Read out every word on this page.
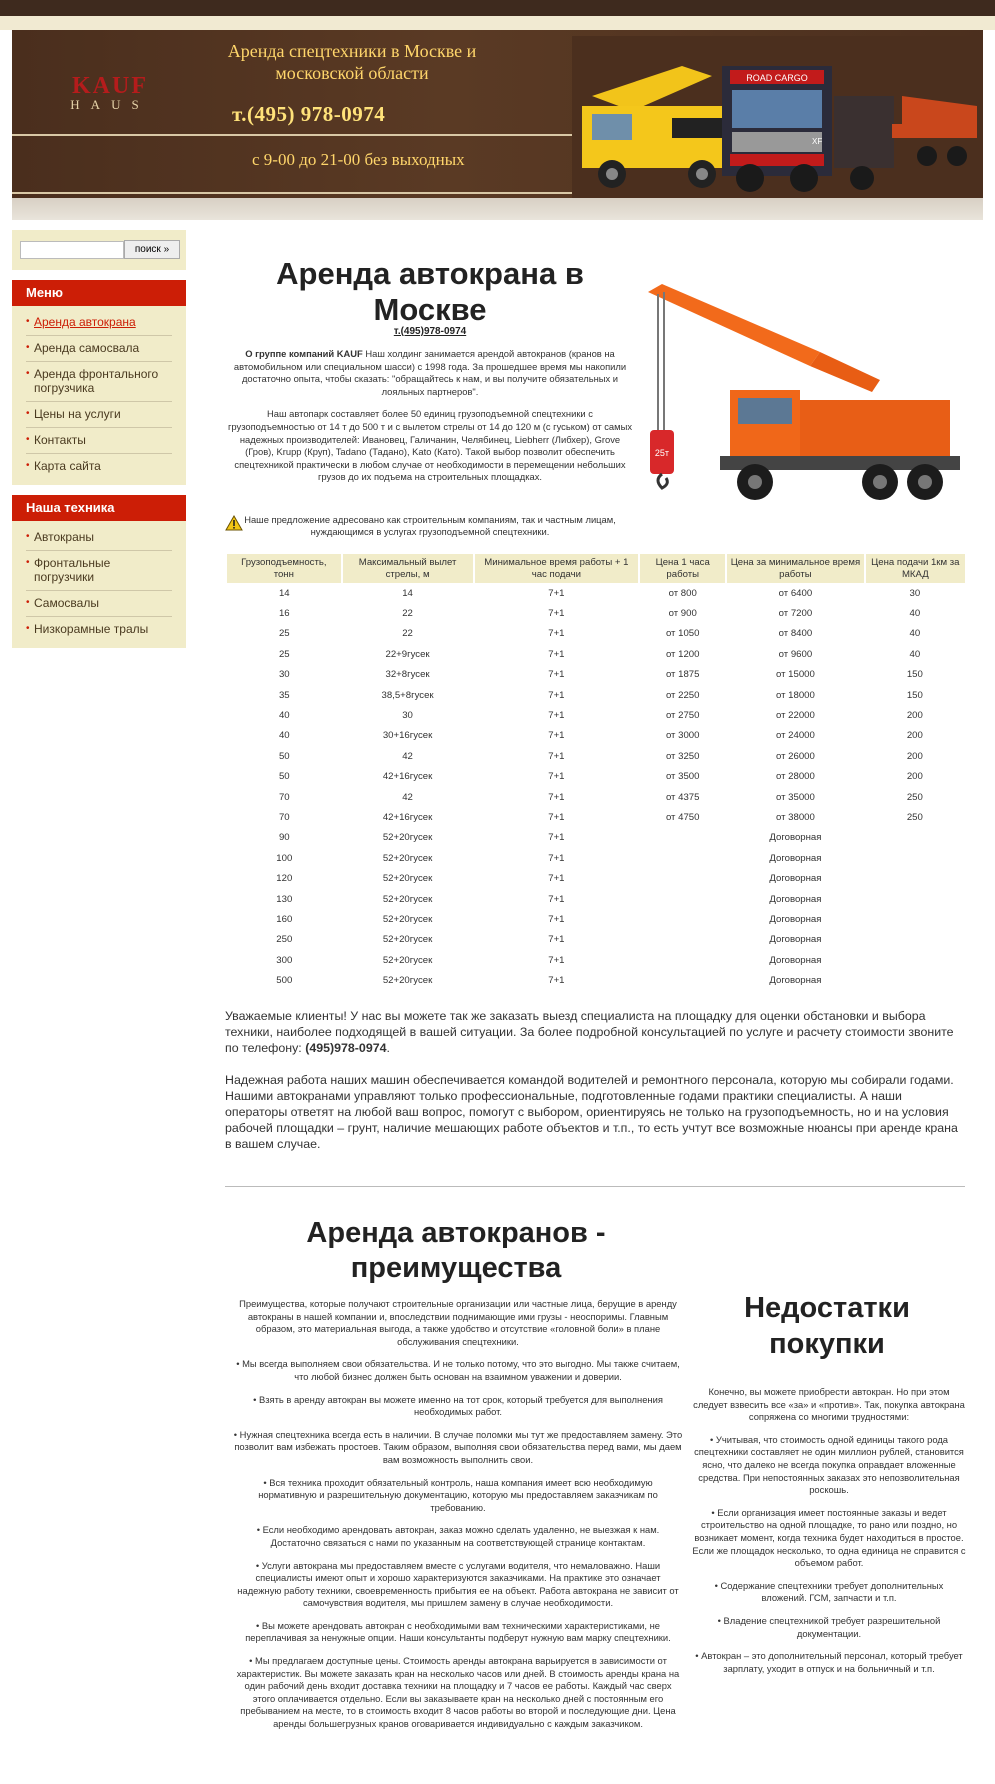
KAUF
HAUS
Аренда спецтехники в Москве и московской области
т.(495) 978-0974
с 9-00 до 21-00 без выходных
ROAD CARGO
XF
поиск »
Меню
• Аренда автокрана
• Аренда самосвала
• Аренда фронтального погрузчика
• Цены на услуги
• Контакты
• Карта сайта
Наша техника
• Автокраны
• Фронтальные погрузчики
• Самосвалы
• Низкорамные тралы
Аренда автокрана в Москве
т.(495)978-0974

О группе компаний KAUF Наш холдинг занимается арендой автокранов (кранов на автомобильном или специальном шасси) с 1998 года. За прошедшее время мы накопили достаточно опыта, чтобы сказать: "обращайтесь к нам, и вы получите обязательных и лояльных партнеров".

Наш автопарк составляет более 50 единиц грузоподъемной спецтехники с грузоподъемностью от 14 т до 500 т и с вылетом стрелы от 14 до 120 м (с гуськом) от самых надежных производителей: Ивановец, Галичанин, Челябинец, Liebherr (Либхер), Grove (Гров), Krupp (Круп), Tadano (Тадано), Kato (Като). Такой выбор позволит обеспечить спецтехникой практически в любом случае от необходимости в перемещении небольших грузов до их подъема на строительных площадках.

25т
Наше предложение адресовано как строительным компаниям, так и частным лицам, нуждающимся в услугах грузоподъемной спецтехники.
Грузоподъемность, тонн	Максимальный вылет стрелы, м	Минимальное время работы + 1 час подачи	Цена 1 часа работы	Цена за минимальное время работы	Цена подачи 1км за МКАД
14	14	7+1	от 800	от 6400	30
16	22	7+1	от 900	от 7200	40
25	22	7+1	от 1050	от 8400	40
25	22+9гусек	7+1	от 1200	от 9600	40
30	32+8гусек	7+1	от 1875	от 15000	150
35	38,5+8гусек	7+1	от 2250	от 18000	150
40	30	7+1	от 2750	от 22000	200
40	30+16гусек	7+1	от 3000	от 24000	200
50	42	7+1	от 3250	от 26000	200
50	42+16гусек	7+1	от 3500	от 28000	200
70	42	7+1	от 4375	от 35000	250
70	42+16гусек	7+1	от 4750	от 38000	250
90	52+20гусек	7+1		Договорная	
100	52+20гусек	7+1		Договорная	
120	52+20гусек	7+1		Договорная	
130	52+20гусек	7+1		Договорная	
160	52+20гусек	7+1		Договорная	
250	52+20гусек	7+1		Договорная	
300	52+20гусек	7+1		Договорная	
500	52+20гусек	7+1		Договорная	
Уважаемые клиенты! У нас вы можете так же заказать выезд специалиста на площадку для оценки обстановки и выбора техники, наиболее подходящей в вашей ситуации. За более подробной консультацией по услуге и расчету стоимости звоните по телефону: (495)978-0974.
Надежная работа наших машин обеспечивается командой водителей и ремонтного персонала, которую мы собирали годами. Нашими автокранами управляют только профессиональные, подготовленные годами практики специалисты. А наши операторы ответят на любой ваш вопрос, помогут с выбором, ориентируясь не только на грузоподъемность, но и на условия рабочей площадки – грунт, наличие мешающих работе объектов и т.п., то есть учтут все возможные нюансы при аренде крана в вашем случае.
Аренда автокранов - преимущества

Преимущества, которые получают строительные организации или частные лица, берущие в аренду автокраны в нашей компании и, впоследствии поднимающие ими грузы - неоспоримы. Главным образом, это материальная выгода, а также удобство и отсутствие «головной боли» в плане обслуживания спецтехники.

• Мы всегда выполняем свои обязательства. И не только потому, что это выгодно. Мы также считаем, что любой бизнес должен быть основан на взаимном уважении и доверии.

• Взять в аренду автокран вы можете именно на тот срок, который требуется для выполнения необходимых работ.

• Нужная спецтехника всегда есть в наличии. В случае поломки мы тут же предоставляем замену. Это позволит вам избежать простоев. Таким образом, выполняя свои обязательства перед вами, мы даем вам возможность выполнить свои.

• Вся техника проходит обязательный контроль, наша компания имеет всю необходимую нормативную и разрешительную документацию, которую мы предоставляем заказчикам по требованию.

• Если необходимо арендовать автокран, заказ можно сделать удаленно, не выезжая к нам. Достаточно связаться с нами по указанным на соответствующей странице контактам.

• Услуги автокрана мы предоставляем вместе с услугами водителя, что немаловажно. Наши специалисты имеют опыт и хорошо характеризуются заказчиками. На практике это означает надежную работу техники, своевременность прибытия ее на объект. Работа автокрана не зависит от самочувствия водителя, мы пришлем замену в случае необходимости.

• Вы можете арендовать автокран с необходимыми вам техническими характеристиками, не переплачивая за ненужные опции. Наши консультанты подберут нужную вам марку спецтехники.

• Мы предлагаем доступные цены. Стоимость аренды автокрана варьируется в зависимости от характеристик. Вы можете заказать кран на несколько часов или дней. В стоимость аренды крана на один рабочий день входит доставка техники на площадку и 7 часов ее работы. Каждый час сверх этого оплачивается отдельно. Если вы заказываете кран на несколько дней с постоянным его пребыванием на месте, то в стоимость входит 8 часов работы во второй и последующие дни. Цена аренды большегрузных кранов оговаривается индивидуально с каждым заказчиком.

Недостатки покупки

Конечно, вы можете приобрести автокран. Но при этом следует взвесить все «за» и «против». Так, покупка автокрана сопряжена со многими трудностями:

• Учитывая, что стоимость одной единицы такого рода спецтехники составляет не один миллион рублей, становится ясно, что далеко не всегда покупка оправдает вложенные средства. При непостоянных заказах это непозволительная роскошь.

• Если организация имеет постоянные заказы и ведет строительство на одной площадке, то рано или поздно, но возникает момент, когда техника будет находиться в простое. Если же площадок несколько, то одна единица не справится с объемом работ.

• Содержание спецтехники требует дополнительных вложений. ГСМ, запчасти и т.п.

• Владение спецтехникой требует разрешительной документации.

• Автокран – это дополнительный персонал, который требует зарплату, уходит в отпуск и на больничный и т.п.
